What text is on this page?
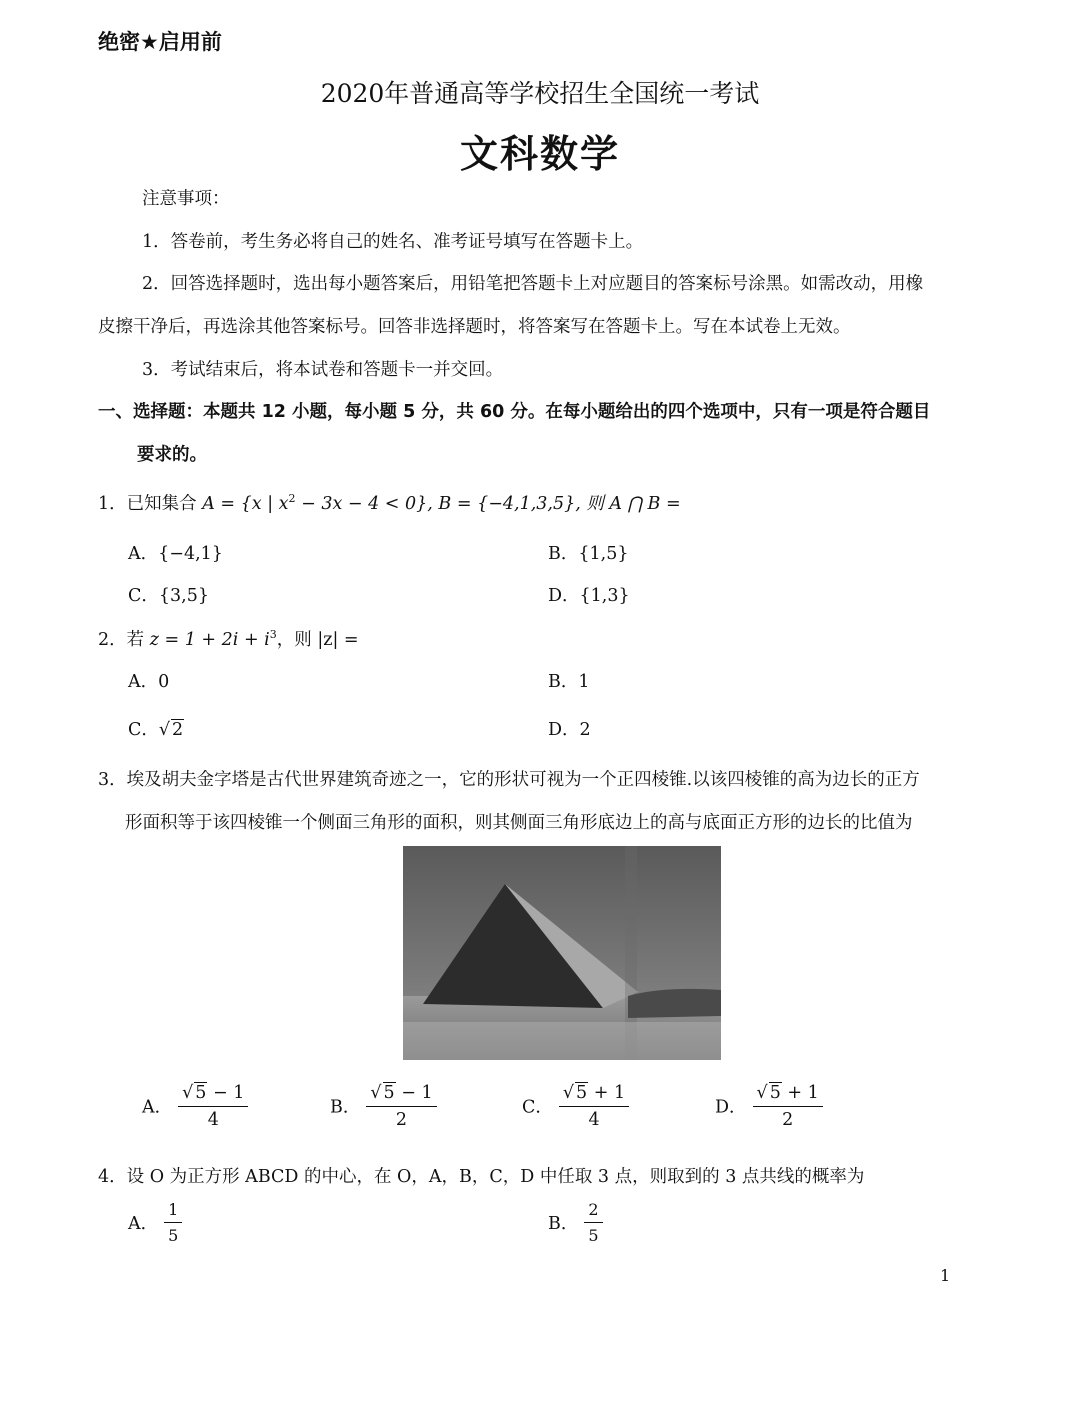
绝密★启用前
2020年普通高等学校招生全国统一考试
文科数学
注意事项：
1．答卷前，考生务必将自己的姓名、准考证号填写在答题卡上。
2．回答选择题时，选出每小题答案后，用铅笔把答题卡上对应题目的答案标号涂黑。如需改动，用橡
皮擦干净后，再选涂其他答案标号。回答非选择题时，将答案写在答题卡上。写在本试卷上无效。
3．考试结束后，将本试卷和答题卡一并交回。
一、选择题：本题共 12 小题，每小题 5 分，共 60 分。在每小题给出的四个选项中，只有一项是符合题目
要求的。
1．已知集合 A = {x | $x^2 - 3x - 4 < 0$}, B = {−4,1,3,5}, 则 A ⋂ B =
A．{−4,1}	B．{1,5}
C．{3,5}	D．{1,3}
2．若 $z = 1 + 2i + i^3$，则 |z| =
A．0	B．1
C．√ 2	D．2
3．埃及胡夫金字塔是古代世界建筑奇迹之一，它的形状可视为一个正四棱锥.以该四棱锥的高为边长的正方
形面积等于该四棱锥一个侧面三角形的面积，则其侧面三角形底边上的高与底面正方形的边长的比值为
A． $\frac{√ 5 - 1}{4}$	B． $\frac{√ 5 - 1}{2}$	C． $\frac{√ 5 + 1}{4}$	D． $\frac{√ 5 + 1}{2}$
4．设 O 为正方形 ABCD 的中心，在 O，A，B，C，D 中任取 3 点，则取到的 3 点共线的概率为
A． $\frac{1}{5}$	B． $\frac{2}{5}$
1
